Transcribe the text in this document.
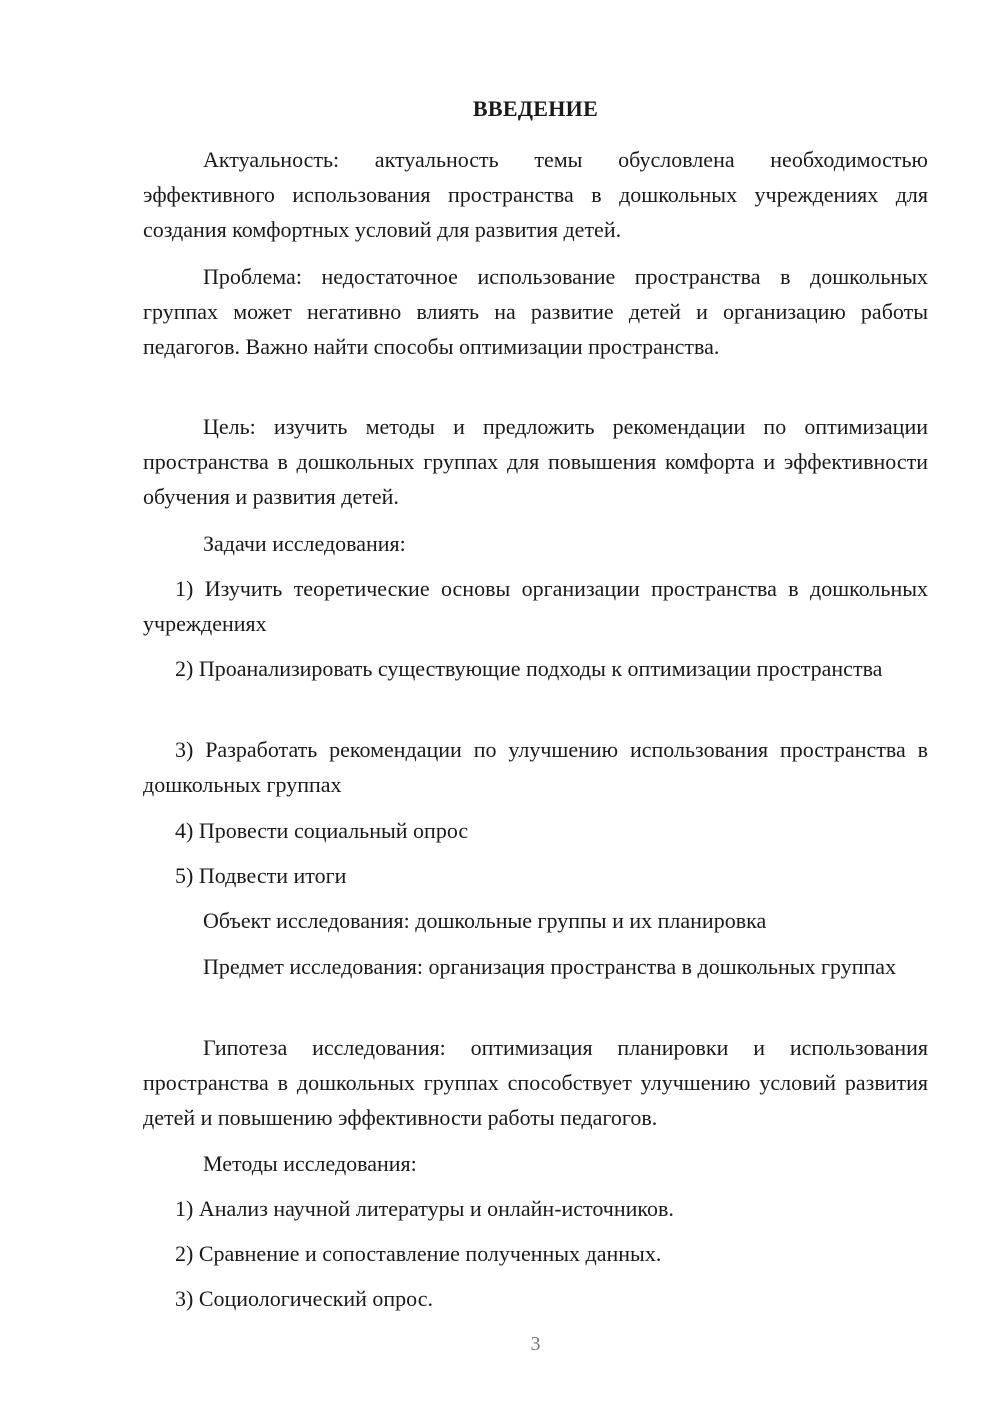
ВВЕДЕНИЕ

Актуальность: актуальность темы обусловлена необходимостью эффективного использования пространства в дошкольных учреждениях для создания комфортных условий для развития детей.

Проблема: недостаточное использование пространства в дошкольных группах может негативно влиять на развитие детей и организацию работы педагогов. Важно найти способы оптимизации пространства.

Цель: изучить методы и предложить рекомендации по оптимизации пространства в дошкольных группах для повышения комфорта и эффективности обучения и развития детей.

Задачи исследования:

1) Изучить теоретические основы организации пространства в дошкольных учреждениях

2) Проанализировать существующие подходы к оптимизации пространства

3) Разработать рекомендации по улучшению использования пространства в дошкольных группах

4) Провести социальный опрос

5) Подвести итоги

Объект исследования: дошкольные группы и их планировка

Предмет исследования: организация пространства в дошкольных группах

Гипотеза исследования: оптимизация планировки и использования пространства в дошкольных группах способствует улучшению условий развития детей и повышению эффективности работы педагогов.

Методы исследования:

1) Анализ научной литературы и онлайн-источников.

2) Сравнение и сопоставление полученных данных.

3) Социологический опрос.

3
